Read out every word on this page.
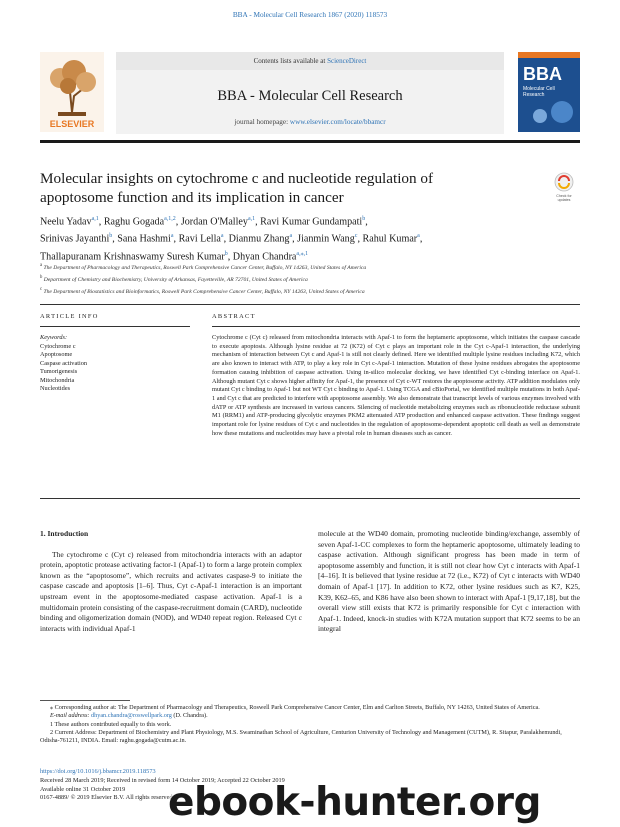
BBA - Molecular Cell Research 1867 (2020) 118573
ELSEVIER
Contents lists available at ScienceDirect
BBA - Molecular Cell Research
journal homepage: www.elsevier.com/locate/bbamcr
BBA
Molecular Cell
Research
Molecular insights on cytochrome c and nucleotide regulation of apoptosome function and its implication in cancer	Check for
updates
Neelu Yadav$^{a,1}$, Raghu Gogada$^{a,1,2}$, Jordan O'Malley$^{a,1}$, Ravi Kumar Gundampati$^b$,
Srinivas Jayanthi$^b$, Sana Hashmi$^a$, Ravi Lella$^a$, Dianmu Zhang$^a$, Jianmin Wang$^c$, Rahul Kumar$^a$,
Thallapuranam Krishnaswamy Suresh Kumar$^b$, Dhyan Chandra$^{a,⁎,1}$
$^a$ The Department of Pharmacology and Therapeutics, Roswell Park Comprehensive Cancer Center, Buffalo, NY 14263, United States of America
$^b$ Department of Chemistry and Biochemistry, University of Arkansas, Fayetteville, AR 72701, United States of America
$^c$ The Department of Biostatistics and Bioinformatics, Roswell Park Comprehensive Cancer Center, Buffalo, NY 14263, United States of America
ARTICLE INFO	ABSTRACT
Keywords:
Cytochrome c
Apoptosome
Caspase activation
Tumorigenesis
Mitochondria
Nucleotides
Cytochrome c (Cyt c) released from mitochondria interacts with Apaf-1 to form the heptameric apoptosome, which initiates the caspase cascade to execute apoptosis. Although lysine residue at 72 (K72) of Cyt c plays an important role in the Cyt c-Apaf-1 interaction, the underlying mechanism of interaction between Cyt c and Apaf-1 is still not clearly defined. Here we identified multiple lysine residues including K72, which are also known to interact with ATP, to play a key role in Cyt c-Apaf-1 interaction. Mutation of these lysine residues abrogates the apoptosome formation causing inhibition of caspase activation. Using in-silico molecular docking, we have identified Cyt c-binding interface on Apaf-1. Although mutant Cyt c shows higher affinity for Apaf-1, the presence of Cyt c-WT restores the apoptosome activity. ATP addition modulates only mutant Cyt c binding to Apaf-1 but not WT Cyt c binding to Apaf-1. Using TCGA and cBioPortal, we identified multiple mutations in both Apaf-1 and Cyt c that are predicted to interfere with apoptosome assembly. We also demonstrate that transcript levels of various enzymes involved with dATP or ATP synthesis are increased in various cancers. Silencing of nucleotide metabolizing enzymes such as ribonucleotide reductase subunit M1 (RRM1) and ATP-producing glycolytic enzymes PKM2 attenuated ATP production and enhanced caspase activation. These findings suggest important role for lysine residues of Cyt c and nucleotides in the regulation of apoptosome-dependent apoptotic cell death as well as demonstrate how these mutations and nucleotides may have a pivotal role in human diseases such as cancer.
1. Introduction

The cytochrome c (Cyt c) released from mitochondria interacts with an adaptor protein, apoptotic protease activating factor-1 (Apaf-1) to form a large protein complex known as the “apoptosome”, which recruits and activates caspase-9 to initiate the caspase cascade and apoptosis [1–6]. Thus, Cyt c-Apaf-1 interaction is an important upstream event in the apoptosome-mediated caspase activation. Apaf-1 is a multidomain protein consisting of the caspase-recruitment domain (CARD), nucleotide binding and oligomerization domain (NOD), and WD40 repeat region. Released Cyt c interacts with individual Apaf-1

molecule at the WD40 domain, promoting nucleotide binding/exchange, assembly of seven Apaf-1-CC complexes to form the heptameric apoptosome, ultimately leading to caspase activation. Although significant progress has been made in term of apoptosome assembly and function, it is still not clear how Cyt c interacts with Apaf-1 [4–16]. It is believed that lysine residue at 72 (i.e., K72) of Cyt c interacts with WD40 domain of Apaf-1 [17]. In addition to K72, other lysine residues such as K7, K25, K39, K62–65, and K86 have also been shown to interact with Apaf-1 [9,17,18], but the overall view still exists that K72 is primarily responsible for Cyt c interaction with Apaf-1. Indeed, knock-in studies with K72A mutation support that K72 seems to be an integral

⁎ Corresponding author at: The Department of Pharmacology and Therapeutics, Roswell Park Comprehensive Cancer Center, Elm and Carlton Streets, Buffalo, NY 14263, United States of America.

E-mail address: dhyan.chandra@roswellpark.org (D. Chandra).

1 These authors contributed equally to this work.

2 Current Address: Department of Biochemistry and Plant Physiology, M.S. Swaminathan School of Agriculture, Centurion University of Technology and Management (CUTM), R. Sitapur, Paralakhemundi, Odisha-761211, INDIA. Email: raghu.gogada@cutm.ac.in.

https://doi.org/10.1016/j.bbamcr.2019.118573
Received 28 March 2019; Received in revised form 14 October 2019; Accepted 22 October 2019
Available online 31 October 2019
0167-4889/ © 2019 Elsevier B.V. All rights reserved.
ebook-hunter.org
